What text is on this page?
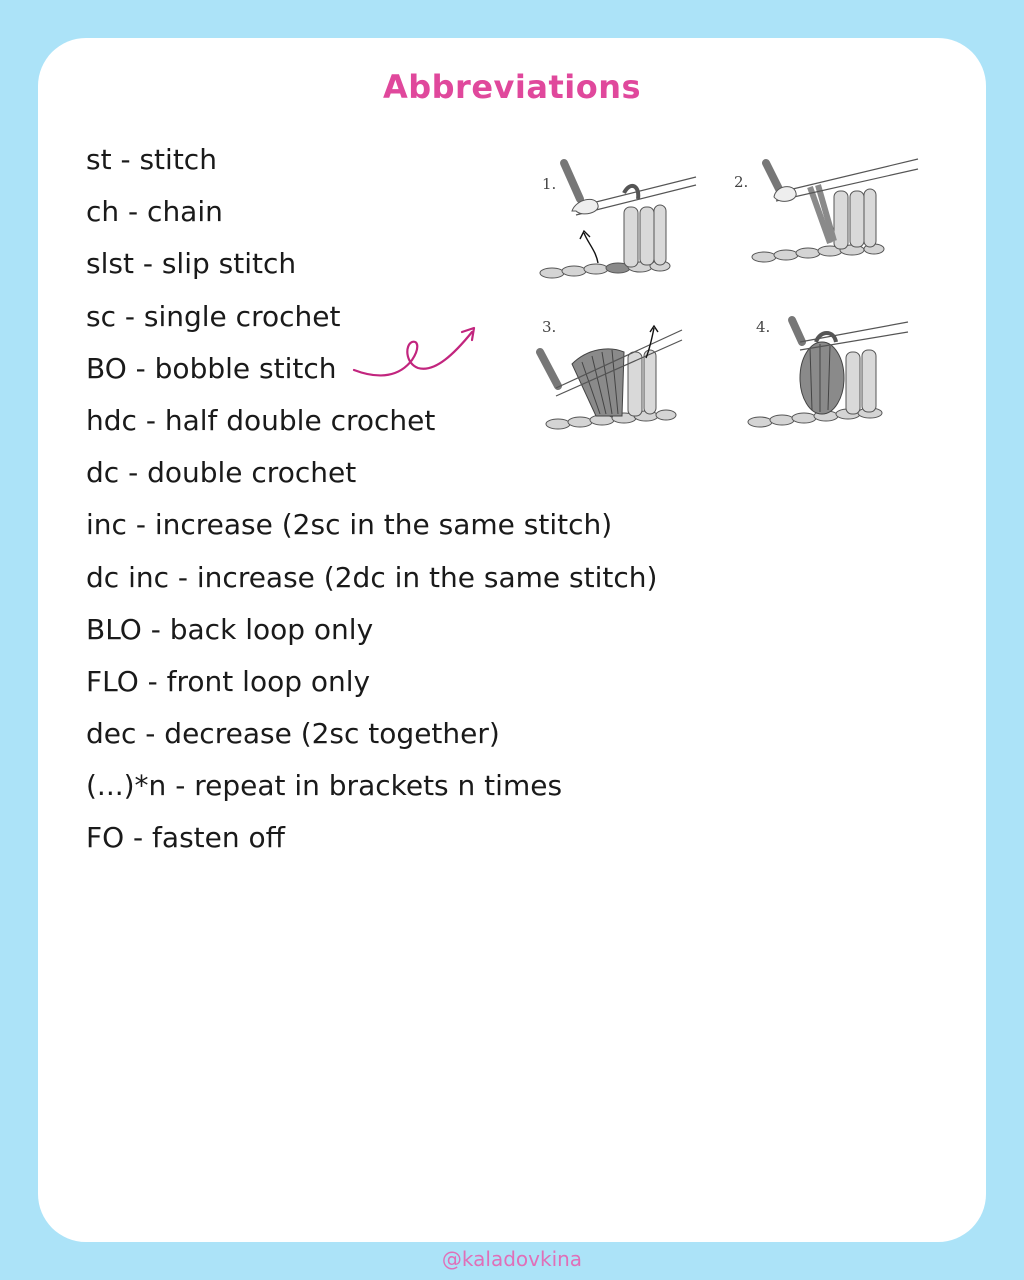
Abbreviations
st - stitch
ch - chain
slst - slip stitch
sc - single crochet
BO - bobble stitch
hdc - half double crochet
dc - double crochet
inc - increase (2sc in the same stitch)
dc inc - increase (2dc in the same stitch)
BLO - back loop only
FLO - front loop only
dec - decrease (2sc together)
(...)*n - repeat in brackets n times
FO - fasten off
1.	2.
3.	4.
@kaladovkina
